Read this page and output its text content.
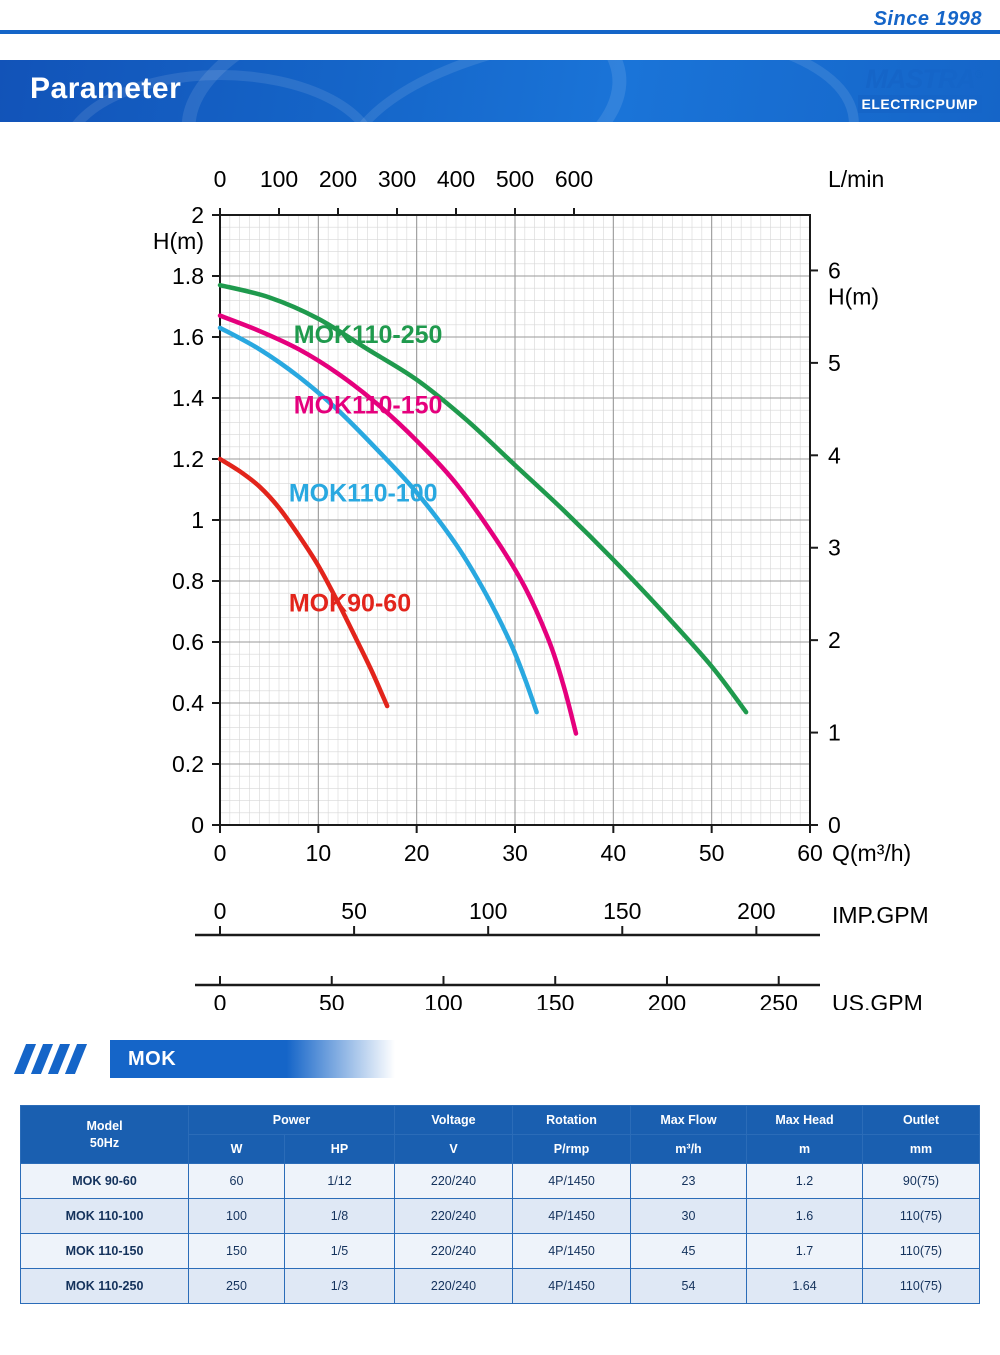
Since 1998
Parameter	MASTRA®
ELECTRICPUMP
0 100 200 300 400 500 600	L/min
0
0.2
0.4
0.6
0.8
1
1.2
1.4
1.6
1.8
2
H(m)
0
1
2
3
4
5
6
H(m)
0	10	20	30	40	50	60 Q(m³/h)
0	50	100	150	200 IMP.GPM
0	50	100	150	200	250 US.GPM
MOK110-250
MOK110-150
MOK110-100
MOK90-60
MOK
Model
50Hz	Power		Voltage	Rotation	Max Flow	Max Head	Outlet
	W	HP	V	P/rmp	m³/h	m	mm
MOK 90-60	60	1/12	220/240	4P/1450	23	1.2	90(75)
MOK 110-100	100	1/8	220/240	4P/1450	30	1.6	110(75)
MOK 110-150	150	1/5	220/240	4P/1450	45	1.7	110(75)
MOK 110-250	250	1/3	220/240	4P/1450	54	1.64	110(75)
